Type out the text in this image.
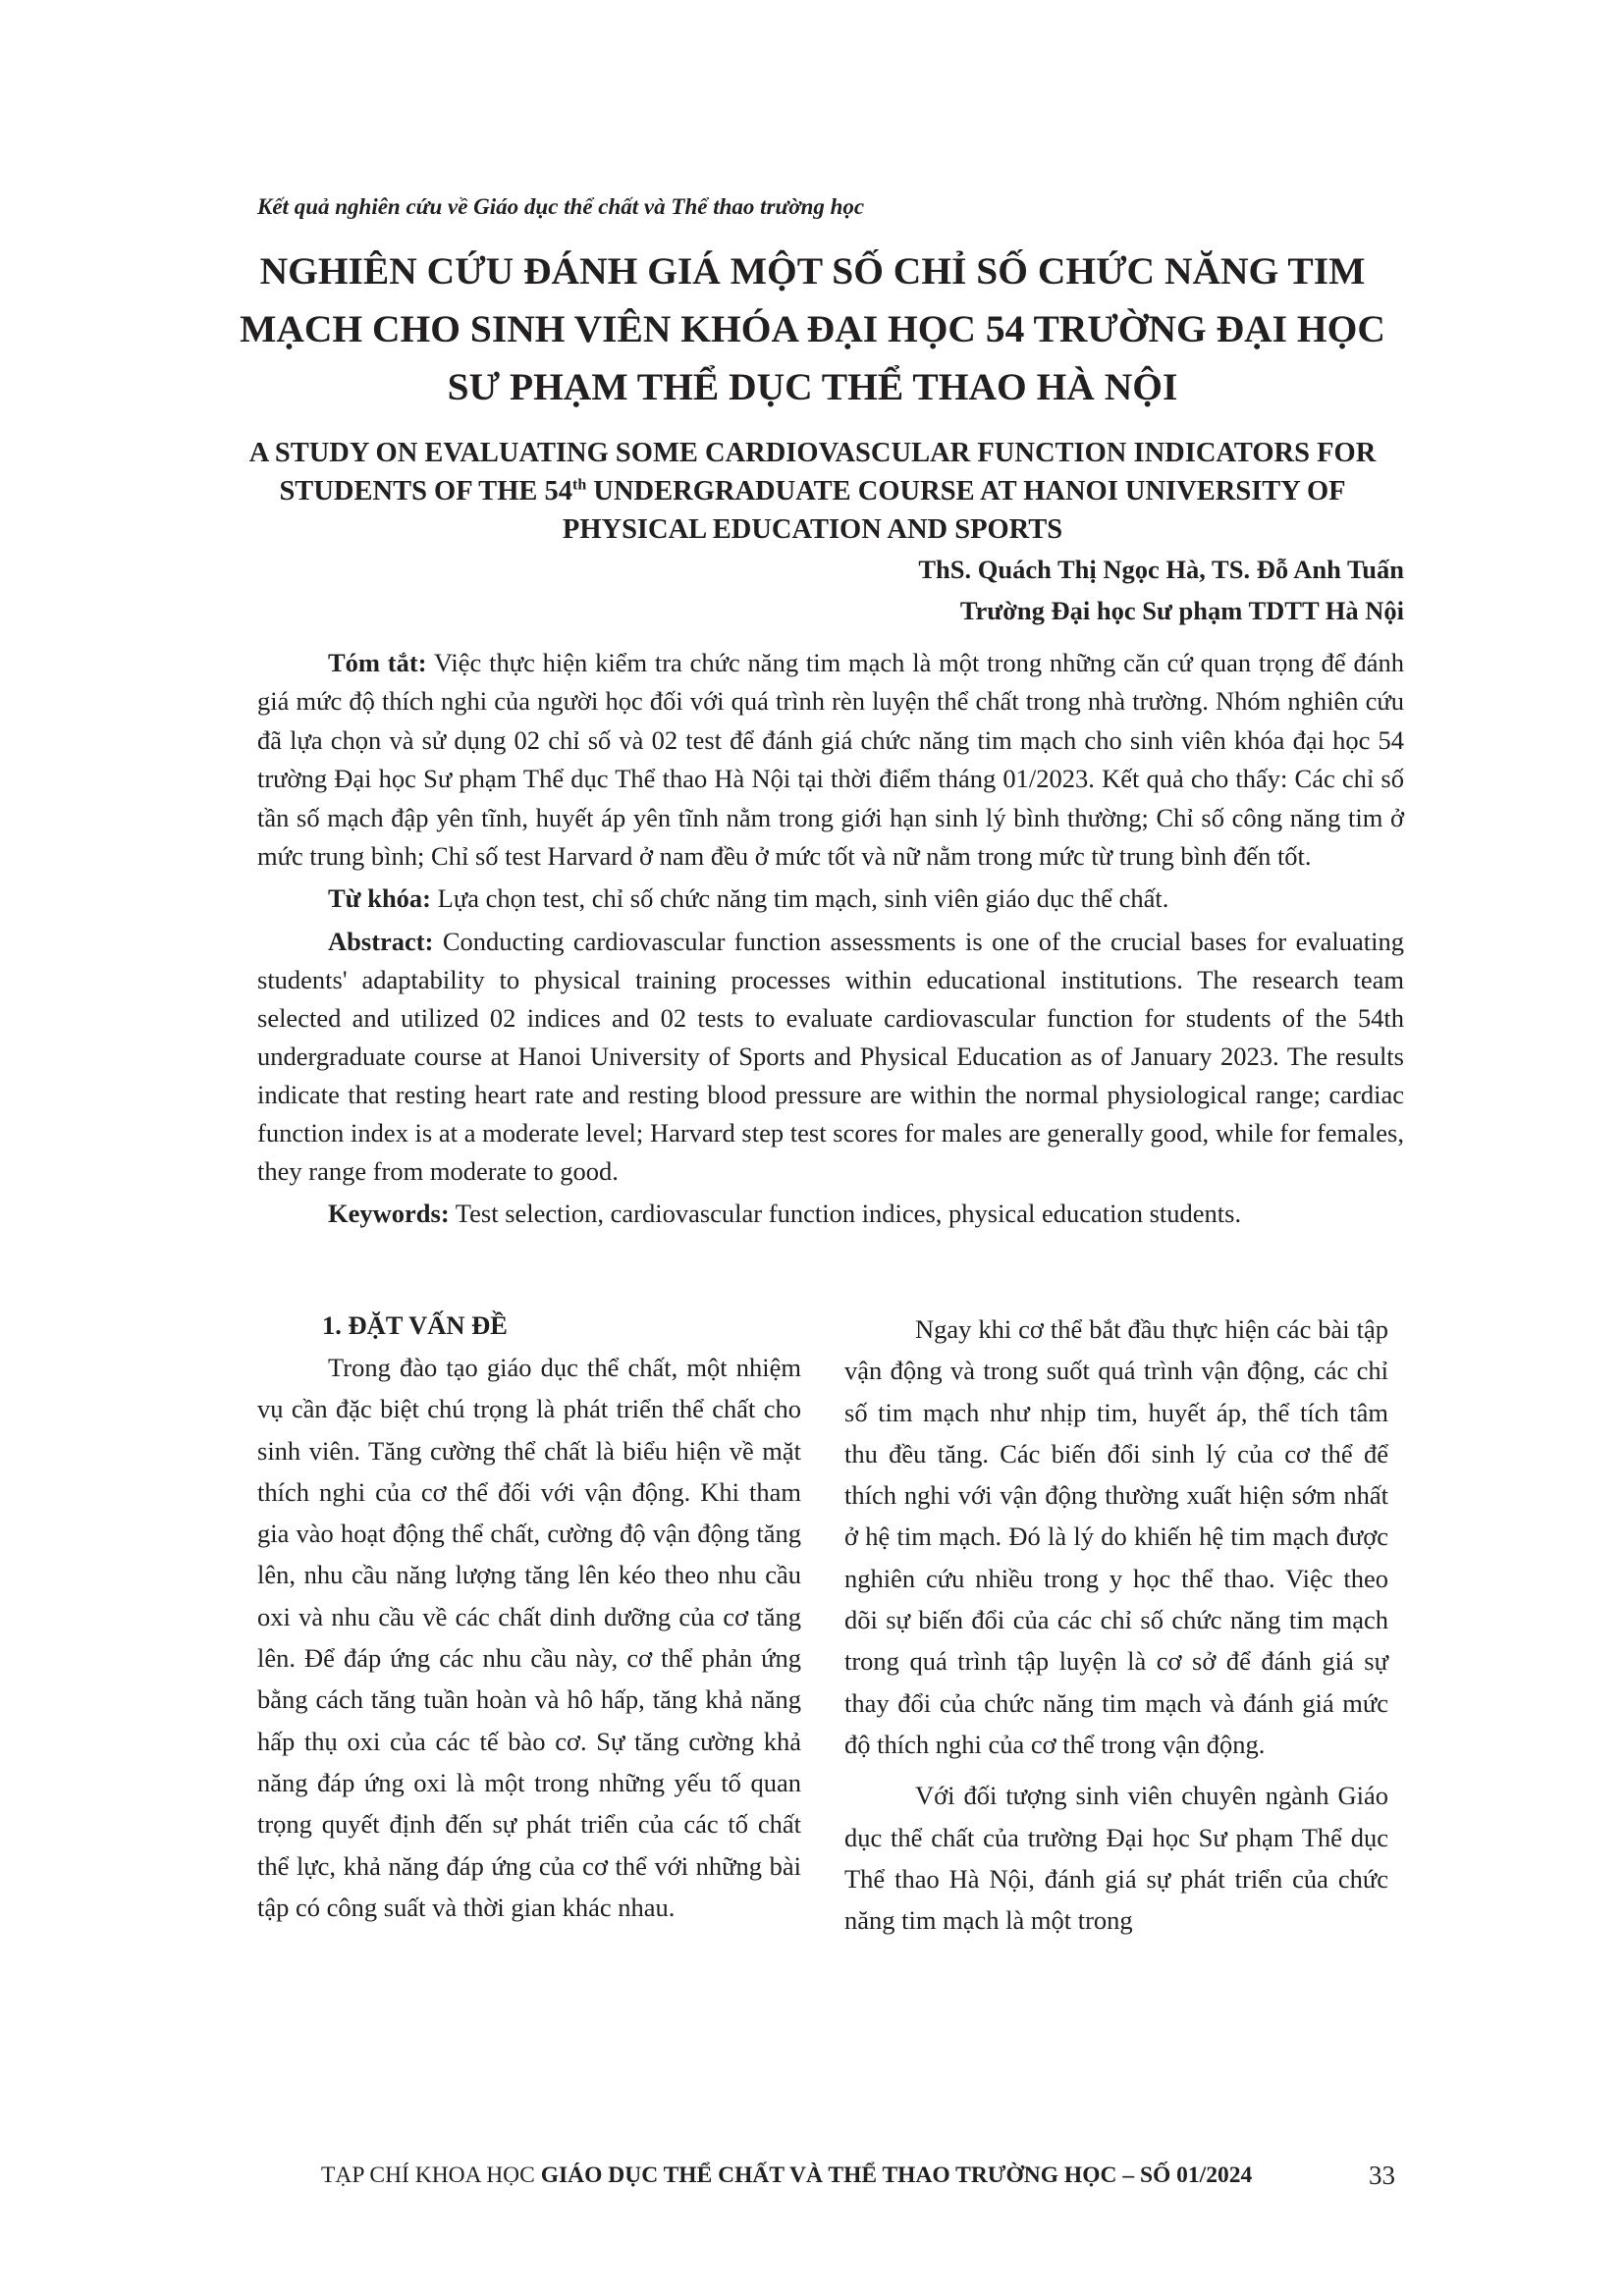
Kết quả nghiên cứu về Giáo dục thể chất và Thể thao trường học
NGHIÊN CỨU ĐÁNH GIÁ MỘT SỐ CHỈ SỐ CHỨC NĂNG TIM MẠCH CHO SINH VIÊN KHÓA ĐẠI HỌC 54 TRƯỜNG ĐẠI HỌC SƯ PHẠM THỂ DỤC THỂ THAO HÀ NỘI
A STUDY ON EVALUATING SOME CARDIOVASCULAR FUNCTION INDICATORS FOR STUDENTS OF THE 54th UNDERGRADUATE COURSE AT HANOI UNIVERSITY OF PHYSICAL EDUCATION AND SPORTS
ThS. Quách Thị Ngọc Hà, TS. Đỗ Anh Tuấn
Trường Đại học Sư phạm TDTT Hà Nội

Tóm tắt: Việc thực hiện kiểm tra chức năng tim mạch là một trong những căn cứ quan trọng để đánh giá mức độ thích nghi của người học đối với quá trình rèn luyện thể chất trong nhà trường. Nhóm nghiên cứu đã lựa chọn và sử dụng 02 chỉ số và 02 test để đánh giá chức năng tim mạch cho sinh viên khóa đại học 54 trường Đại học Sư phạm Thể dục Thể thao Hà Nội tại thời điểm tháng 01/2023. Kết quả cho thấy: Các chỉ số tần số mạch đập yên tĩnh, huyết áp yên tĩnh nằm trong giới hạn sinh lý bình thường; Chỉ số công năng tim ở mức trung bình; Chỉ số test Harvard ở nam đều ở mức tốt và nữ nằm trong mức từ trung bình đến tốt.

Từ khóa: Lựa chọn test, chỉ số chức năng tim mạch, sinh viên giáo dục thể chất.

Abstract: Conducting cardiovascular function assessments is one of the crucial bases for evaluating students' adaptability to physical training processes within educational institutions. The research team selected and utilized 02 indices and 02 tests to evaluate cardiovascular function for students of the 54th undergraduate course at Hanoi University of Sports and Physical Education as of January 2023. The results indicate that resting heart rate and resting blood pressure are within the normal physiological range; cardiac function index is at a moderate level; Harvard step test scores for males are generally good, while for females, they range from moderate to good.

Keywords: Test selection, cardiovascular function indices, physical education students.

1. ĐẶT VẤN ĐỀ

Trong đào tạo giáo dục thể chất, một nhiệm vụ cần đặc biệt chú trọng là phát triển thể chất cho sinh viên. Tăng cường thể chất là biểu hiện về mặt thích nghi của cơ thể đối với vận động. Khi tham gia vào hoạt động thể chất, cường độ vận động tăng lên, nhu cầu năng lượng tăng lên kéo theo nhu cầu oxi và nhu cầu về các chất dinh dưỡng của cơ tăng lên. Để đáp ứng các nhu cầu này, cơ thể phản ứng bằng cách tăng tuần hoàn và hô hấp, tăng khả năng hấp thụ oxi của các tế bào cơ. Sự tăng cường khả năng đáp ứng oxi là một trong những yếu tố quan trọng quyết định đến sự phát triển của các tố chất thể lực, khả năng đáp ứng của cơ thể với những bài tập có công suất và thời gian khác nhau.

Ngay khi cơ thể bắt đầu thực hiện các bài tập vận động và trong suốt quá trình vận động, các chỉ số tim mạch như nhịp tim, huyết áp, thể tích tâm thu đều tăng. Các biến đổi sinh lý của cơ thể để thích nghi với vận động thường xuất hiện sớm nhất ở hệ tim mạch. Đó là lý do khiến hệ tim mạch được nghiên cứu nhiều trong y học thể thao. Việc theo dõi sự biến đổi của các chỉ số chức năng tim mạch trong quá trình tập luyện là cơ sở để đánh giá sự thay đổi của chức năng tim mạch và đánh giá mức độ thích nghi của cơ thể trong vận động.

Với đối tượng sinh viên chuyên ngành Giáo dục thể chất của trường Đại học Sư phạm Thể dục Thể thao Hà Nội, đánh giá sự phát triển của chức năng tim mạch là một trong

TẠP CHÍ KHOA HỌC GIÁO DỤC THỂ CHẤT VÀ THỂ THAO TRƯỜNG HỌC – SỐ 01/2024	33
